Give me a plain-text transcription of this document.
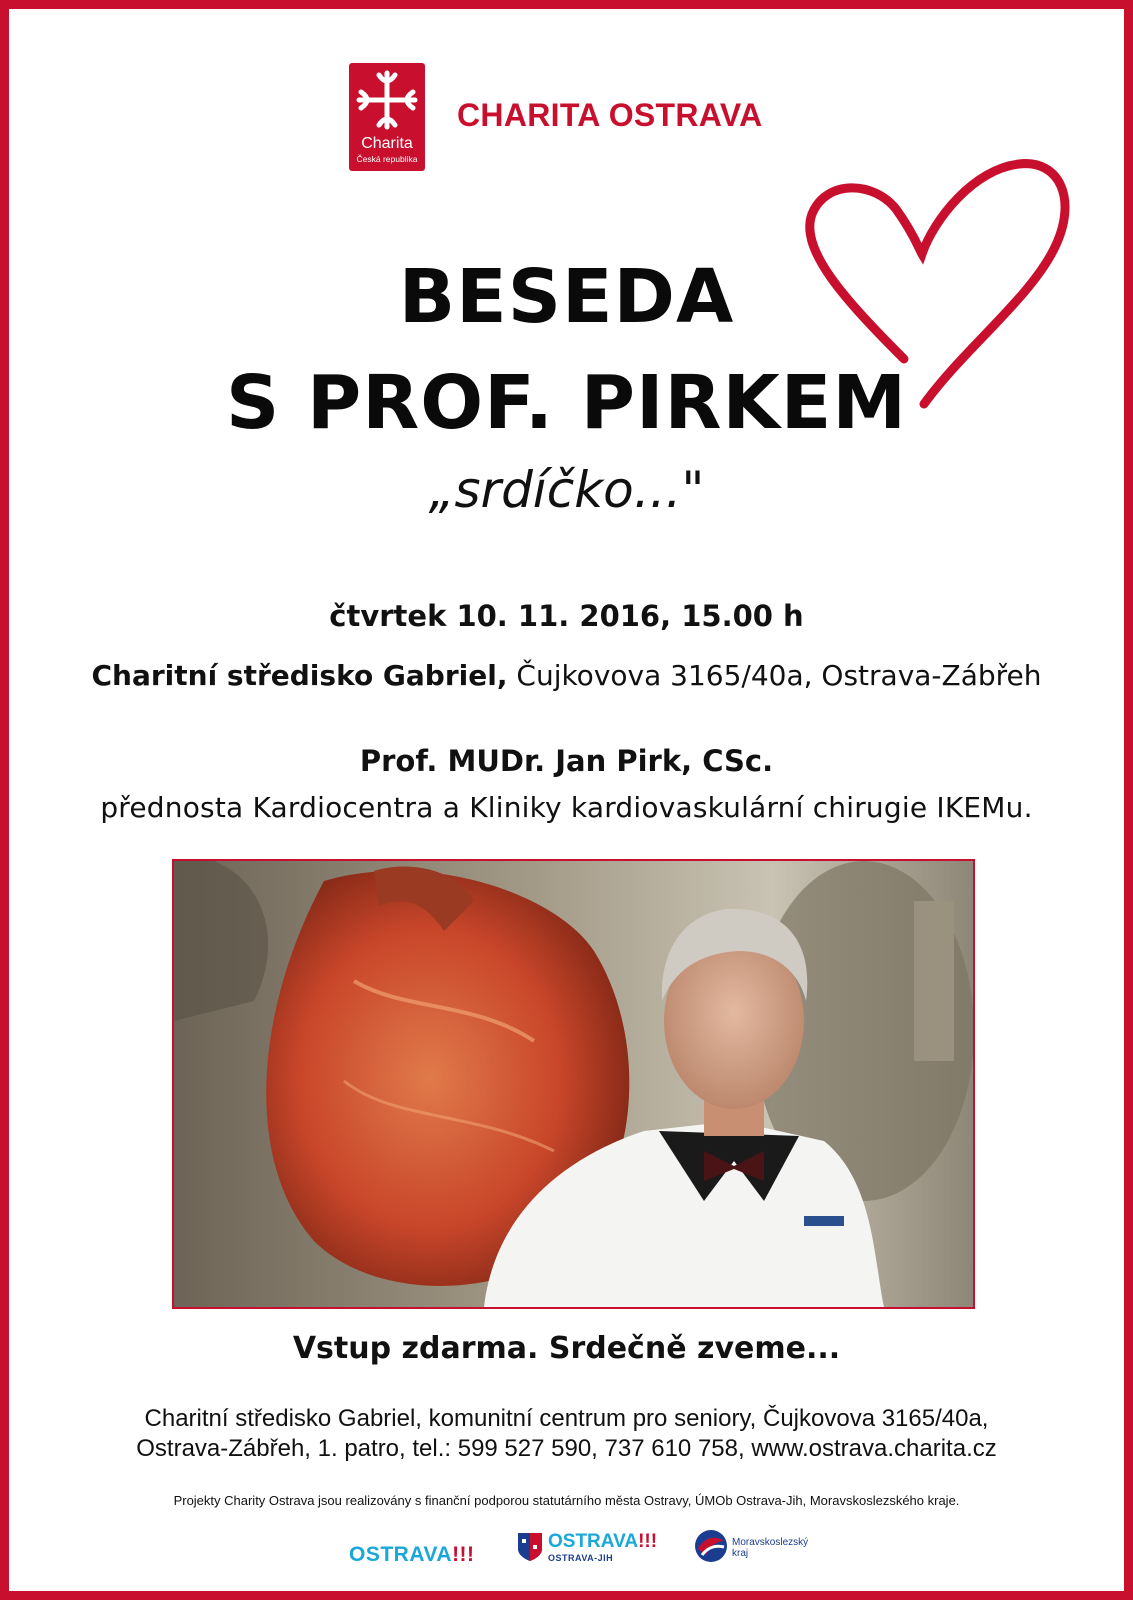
Charita
Česká republika
CHARITA OSTRAVA
BESEDA
S PROF. PIRKEM
„srdíčko..."
čtvrtek 10. 11. 2016, 15.00 h
Charitní středisko Gabriel, Čujkovova 3165/40a, Ostrava-Zábřeh
Prof. MUDr. Jan Pirk, CSc.
přednosta Kardiocentra a Kliniky kardiovaskulární chirugie IKEMu.
Vstup zdarma. Srdečně zveme...
Charitní středisko Gabriel, komunitní centrum pro seniory, Čujkovova 3165/40a,
Ostrava-Zábřeh, 1. patro, tel.: 599 527 590, 737 610 758, www.ostrava.charita.cz
Projekty Charity Ostrava jsou realizovány s finanční podporou statutárního města Ostravy, ÚMOb Ostrava-Jih, Moravskoslezského kraje.
OSTRAVA!!!
OSTRAVA!!!
OSTRAVA-JIH
Moravskoslezský
kraj
